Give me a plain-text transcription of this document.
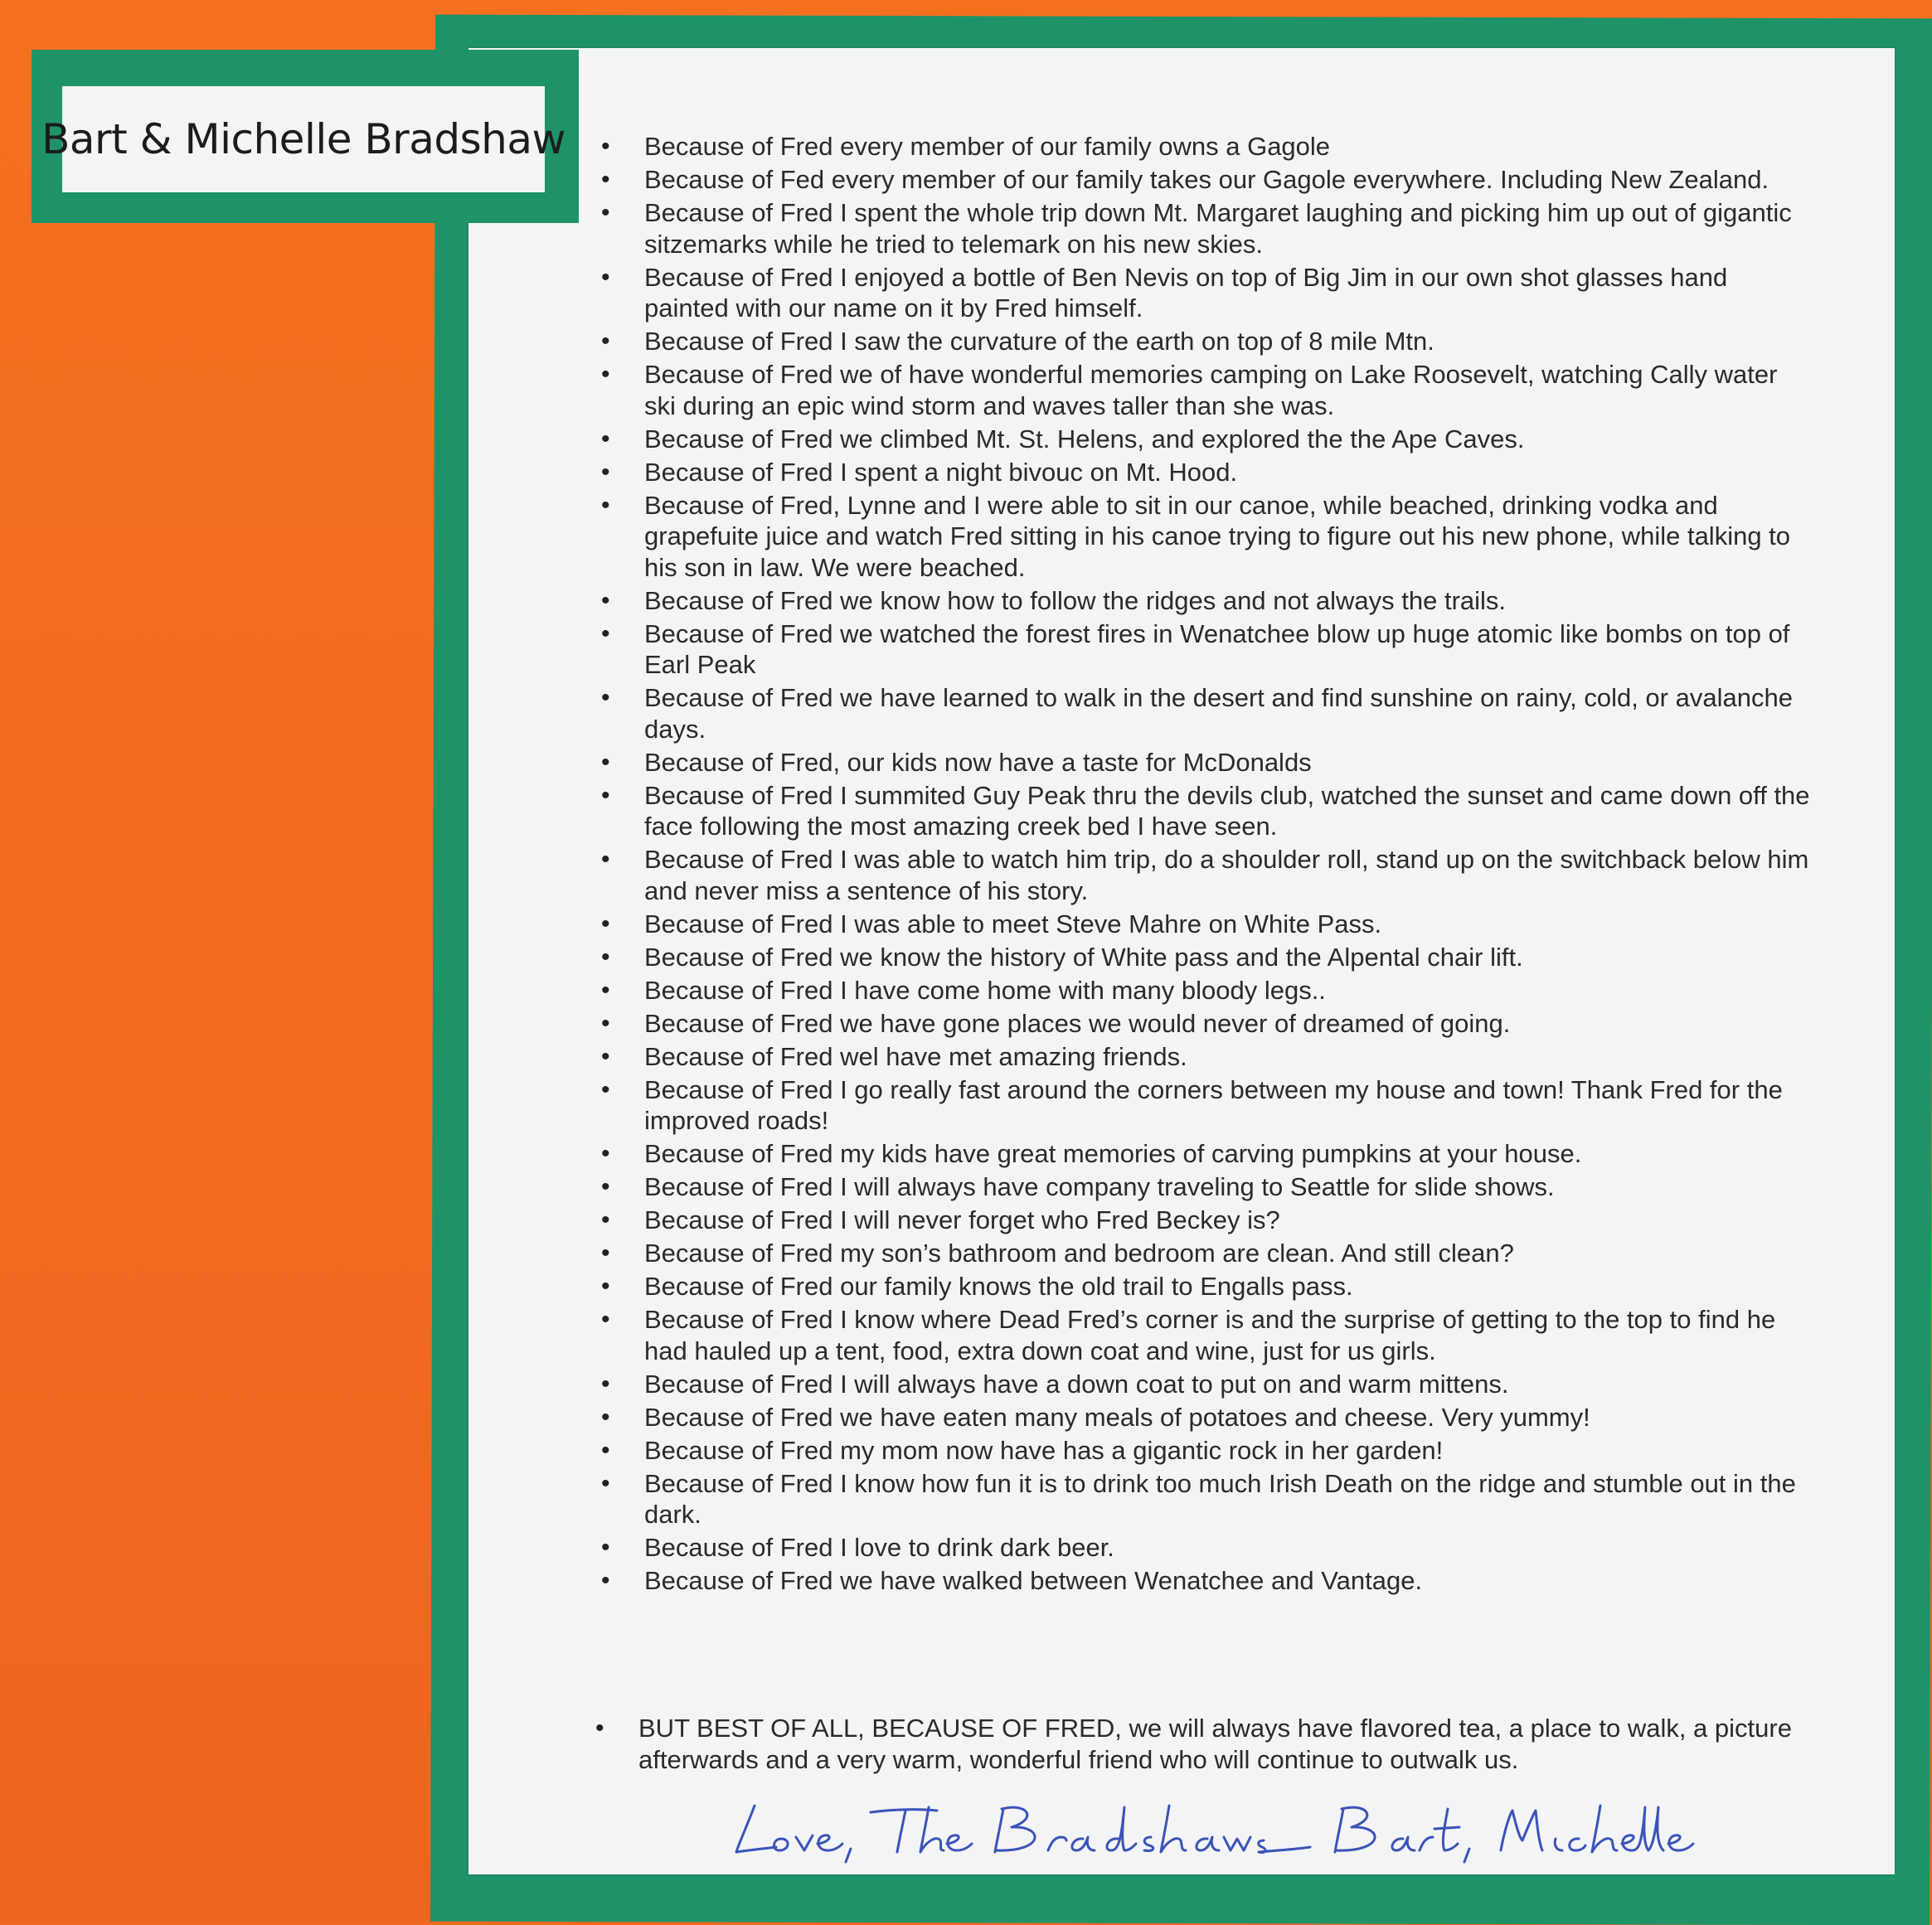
Bart & Michelle Bradshaw
•	Because of Fred every member of our family owns a Gagole
• Because of Fed every member of our family takes our Gagole everywhere. Including New Zealand.
• Because of Fred I spent the whole trip down Mt. Margaret laughing and picking him up out of gigantic sitzemarks while he tried to telemark on his new skies.
• Because of Fred I enjoyed a bottle of Ben Nevis on top of Big Jim in our own shot glasses hand painted with our name on it by Fred himself.
• Because of Fred I saw the curvature of the earth on top of 8 mile Mtn.
• Because of Fred we of have wonderful memories camping on Lake Roosevelt, watching Cally water ski during an epic wind storm and waves taller than she was.
• Because of Fred we climbed Mt. St. Helens, and explored the the Ape Caves.
• Because of Fred I spent a night bivouc on Mt. Hood.
• Because of Fred, Lynne and I were able to sit in our canoe, while beached, drinking vodka and grapefuite juice and watch Fred sitting in his canoe trying to figure out his new phone, while talking to his son in law. We were beached.
• Because of Fred we know how to follow the ridges and not always the trails.
• Because of Fred we watched the forest fires in Wenatchee blow up huge atomic like bombs on top of Earl Peak
• Because of Fred we have learned to walk in the desert and find sunshine on rainy, cold, or avalanche days.
• Because of Fred, our kids now have a taste for McDonalds
• Because of Fred I summited Guy Peak thru the devils club, watched the sunset and came down off the face following the most amazing creek bed I have seen.
• Because of Fred I was able to watch him trip, do a shoulder roll, stand up on the switchback below him and never miss a sentence of his story.
• Because of Fred I was able to meet Steve Mahre on White Pass.
• Because of Fred we know the history of White pass and the Alpental chair lift.
• Because of Fred I have come home with many bloody legs..
• Because of Fred we have gone places we would never of dreamed of going.
• Because of Fred wel have met amazing friends.
• Because of Fred I go really fast around the corners between my house and town! Thank Fred for the improved roads!
• Because of Fred my kids have great memories of carving pumpkins at your house.
• Because of Fred I will always have company traveling to Seattle for slide shows.
• Because of Fred I will never forget who Fred Beckey is?
• Because of Fred my son’s bathroom and bedroom are clean. And still clean?
• Because of Fred our family knows the old trail to Engalls pass.
• Because of Fred I know where Dead Fred’s corner is and the surprise of getting to the top to find he had hauled up a tent, food, extra down coat and wine, just for us girls.
• Because of Fred I will always have a down coat to put on and warm mittens.
• Because of Fred we have eaten many meals of potatoes and cheese. Very yummy!
• Because of Fred my mom now have has a gigantic rock in her garden!
• Because of Fred I know how fun it is to drink too much Irish Death on the ridge and stumble out in the dark.
• Because of Fred I love to drink dark beer.
• Because of Fred we have walked between Wenatchee and Vantage.
• BUT BEST OF ALL, BECAUSE OF FRED, we will always have flavored tea, a place to walk, a picture afterwards and a very warm, wonderful friend who will continue to outwalk us.
